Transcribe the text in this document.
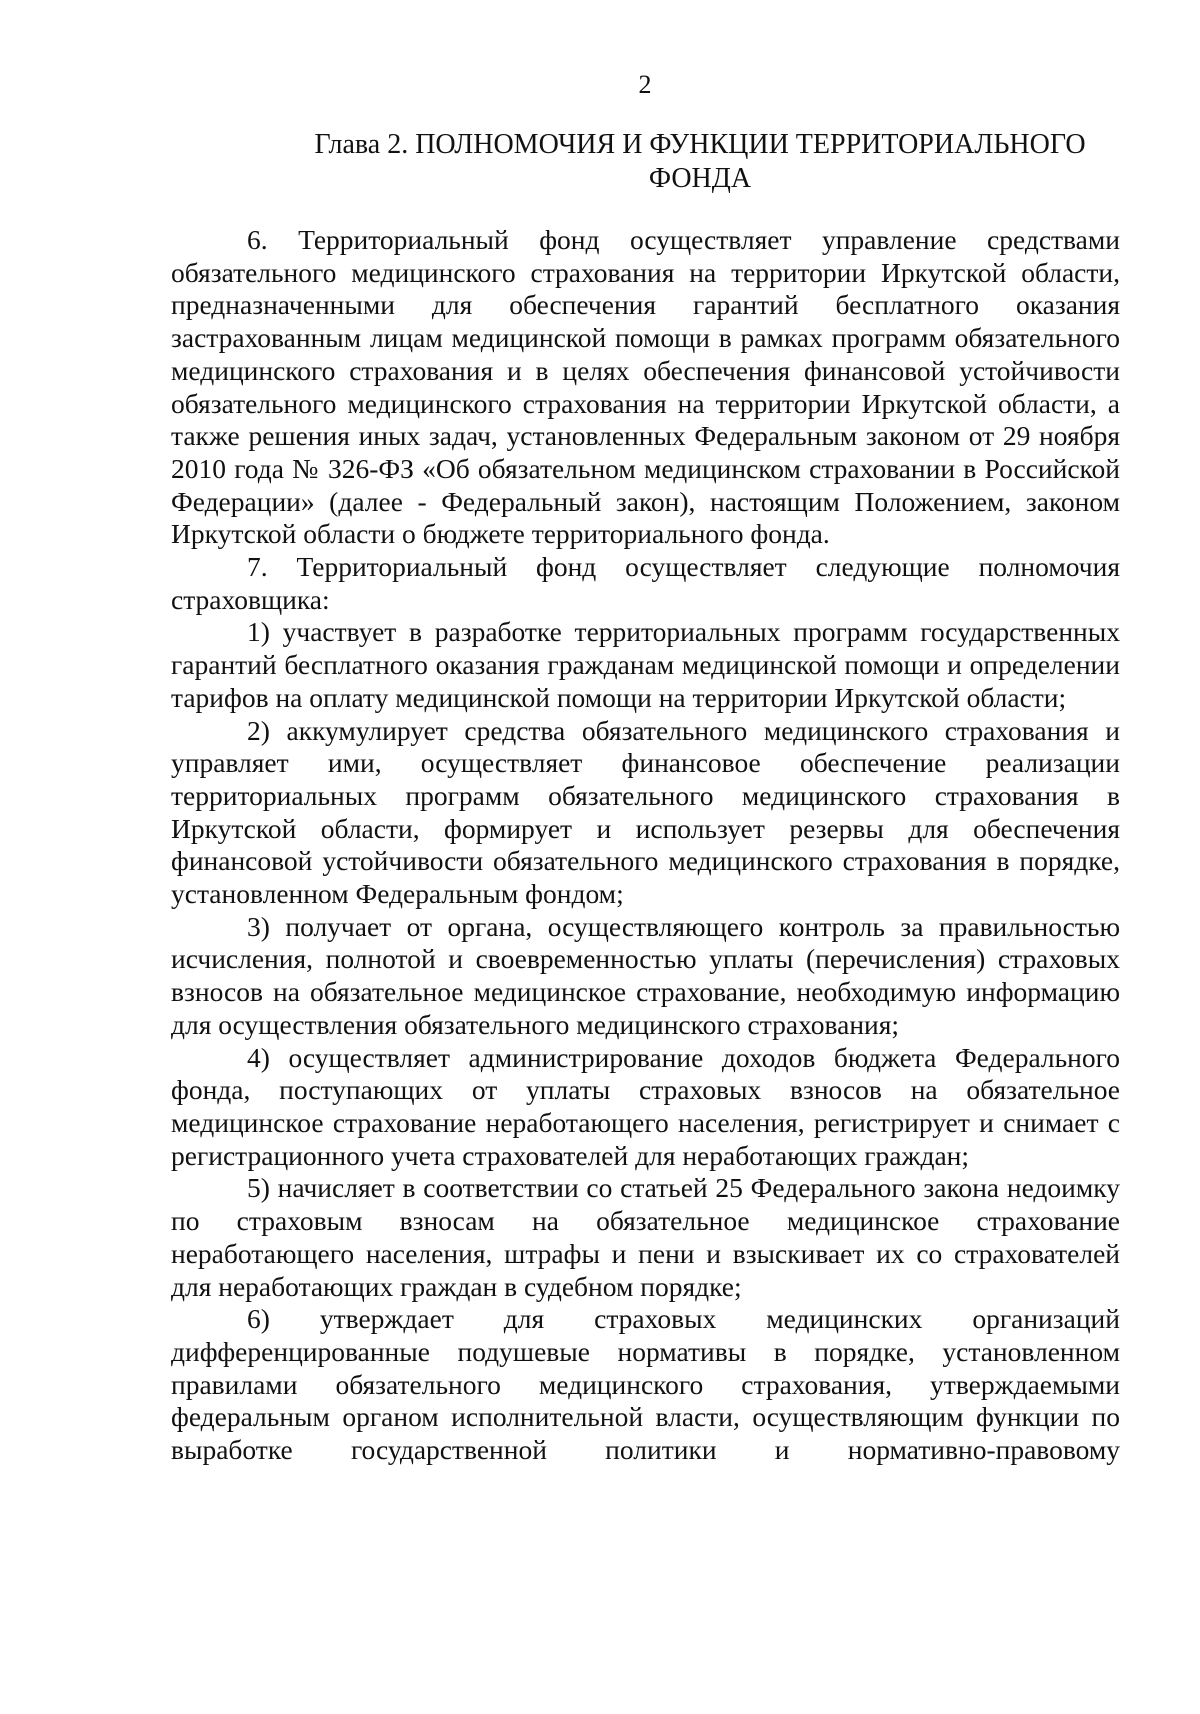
2
Глава 2. ПОЛНОМОЧИЯ И ФУНКЦИИ ТЕРРИТОРИАЛЬНОГО
ФОНДА

6. Территориальный фонд осуществляет управление средствами обязательного медицинского страхования на территории Иркутской области, предназначенными для обеспечения гарантий бесплатного оказания застрахованным лицам медицинской помощи в рамках программ обязательного медицинского страхования и в целях обеспечения финансовой устойчивости обязательного медицинского страхования на территории Иркутской области, а также решения иных задач, установленных Федеральным законом от 29 ноября 2010 года № 326-ФЗ «Об обязательном медицинском страховании в Российской Федерации» (далее - Федеральный закон), настоящим Положением, законом Иркутской области о бюджете территориального фонда.

7. Территориальный фонд осуществляет следующие полномочия страховщика:

1) участвует в разработке территориальных программ государственных гарантий бесплатного оказания гражданам медицинской помощи и определении тарифов на оплату медицинской помощи на территории Иркутской области;

2) аккумулирует средства обязательного медицинского страхования и управляет ими, осуществляет финансовое обеспечение реализации территориальных программ обязательного медицинского страхования в Иркутской области, формирует и использует резервы для обеспечения финансовой устойчивости обязательного медицинского страхования в порядке, установленном Федеральным фондом;

3) получает от органа, осуществляющего контроль за правильностью исчисления, полнотой и своевременностью уплаты (перечисления) страховых взносов на обязательное медицинское страхование, необходимую информацию для осуществления обязательного медицинского страхования;

4) осуществляет администрирование доходов бюджета Федерального фонда, поступающих от уплаты страховых взносов на обязательное медицинское страхование неработающего населения, регистрирует и снимает с регистрационного учета страхователей для неработающих граждан;

5) начисляет в соответствии со статьей 25 Федерального закона недоимку по страховым взносам на обязательное медицинское страхование неработающего населения, штрафы и пени и взыскивает их со страхователей для неработающих граждан в судебном порядке;

6) утверждает для страховых медицинских организаций дифференцированные подушевые нормативы в порядке, установленном правилами обязательного медицинского страхования, утверждаемыми федеральным органом исполнительной власти, осуществляющим функции по выработке государственной политики и нормативно-правовому
